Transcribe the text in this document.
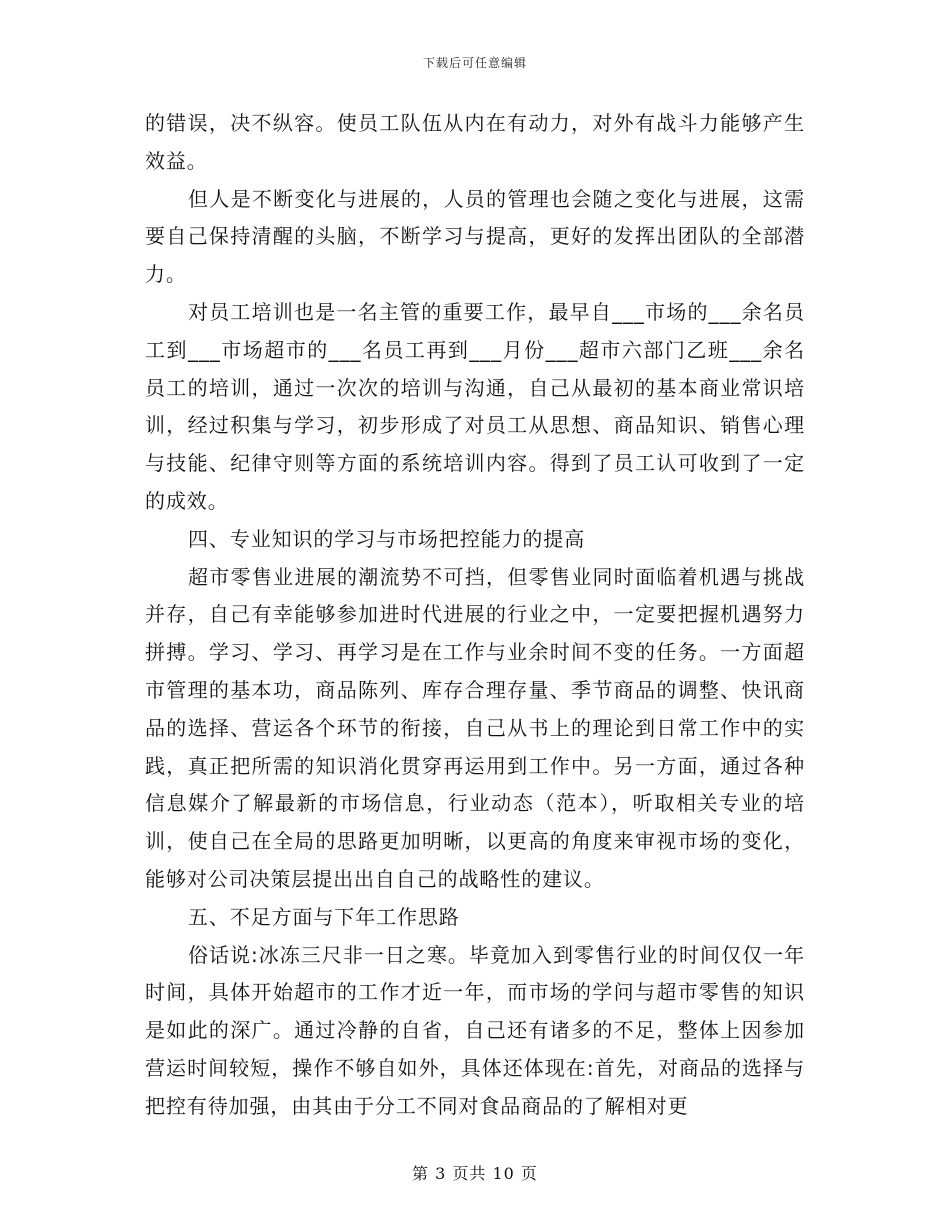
下载后可任意编辑

的错误，决不纵容。使员工队伍从内在有动力，对外有战斗力能够产生效益。

但人是不断变化与进展的，人员的管理也会随之变化与进展，这需要自己保持清醒的头脑，不断学习与提高，更好的发挥出团队的全部潜力。

对员工培训也是一名主管的重要工作，最早自___市场的___余名员工到___市场超市的___名员工再到___月份___超市六部门乙班___余名员工的培训，通过一次次的培训与沟通，自己从最初的基本商业常识培训，经过积集与学习，初步形成了对员工从思想、商品知识、销售心理与技能、纪律守则等方面的系统培训内容。得到了员工认可收到了一定的成效。

四、专业知识的学习与市场把控能力的提高

超市零售业进展的潮流势不可挡，但零售业同时面临着机遇与挑战并存，自己有幸能够参加进时代进展的行业之中，一定要把握机遇努力拼搏。学习、学习、再学习是在工作与业余时间不变的任务。一方面超市管理的基本功，商品陈列、库存合理存量、季节商品的调整、快讯商品的选择、营运各个环节的衔接，自己从书上的理论到日常工作中的实践，真正把所需的知识消化贯穿再运用到工作中。另一方面，通过各种信息媒介了解最新的市场信息，行业动态（范本），听取相关专业的培训，使自己在全局的思路更加明晰，以更高的角度来审视市场的变化，能够对公司决策层提出出自自己的战略性的建议。

五、不足方面与下年工作思路

俗话说:冰冻三尺非一日之寒。毕竟加入到零售行业的时间仅仅一年时间，具体开始超市的工作才近一年，而市场的学问与超市零售的知识是如此的深广。通过冷静的自省，自己还有诸多的不足，整体上因参加营运时间较短，操作不够自如外，具体还体现在:首先，对商品的选择与把控有待加强，由其由于分工不同对食品商品的了解相对更

第 3 页共 10 页
